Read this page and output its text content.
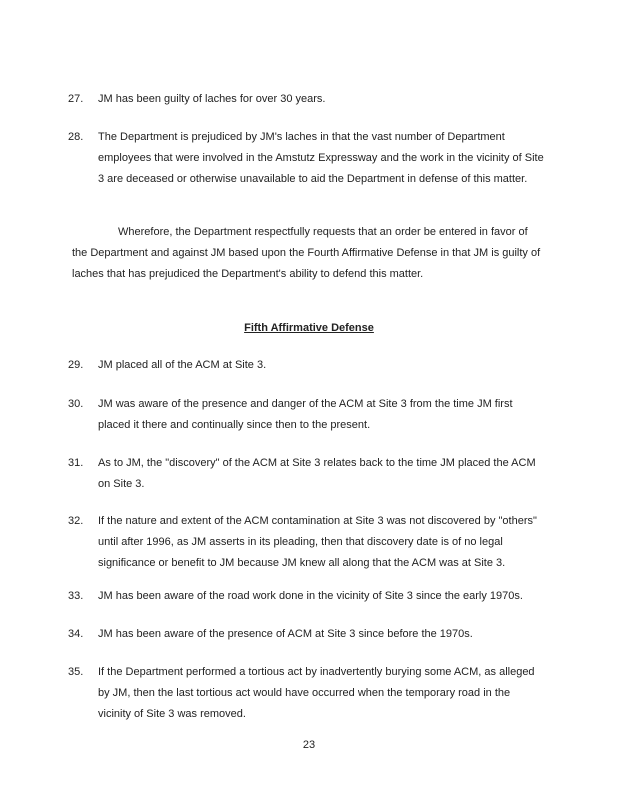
27.	JM has been guilty of laches for over 30 years.

28.	The Department is prejudiced by JM's laches in that the vast number of Department employees that were involved in the Amstutz Expressway and the work in the vicinity of Site 3 are deceased or otherwise unavailable to aid the Department in defense of this matter.

Wherefore, the Department respectfully requests that an order be entered in favor of the Department and against JM based upon the Fourth Affirmative Defense in that JM is guilty of laches that has prejudiced the Department's ability to defend this matter.

Fifth Affirmative Defense

29.	JM placed all of the ACM at Site 3.

30.	JM was aware of the presence and danger of the ACM at Site 3 from the time JM first placed it there and continually since then to the present.

31.	As to JM, the "discovery" of the ACM at Site 3 relates back to the time JM placed the ACM on Site 3.

32.	If the nature and extent of the ACM contamination at Site 3 was not discovered by "others" until after 1996, as JM asserts in its pleading, then that discovery date is of no legal significance or benefit to JM because JM knew all along that the ACM was at Site 3.

33.	JM has been aware of the road work done in the vicinity of Site 3 since the early 1970s.

34.	JM has been aware of the presence of ACM at Site 3 since before the 1970s.

35.	If the Department performed a tortious act by inadvertently burying some ACM, as alleged by JM, then the last tortious act would have occurred when the temporary road in the vicinity of Site 3 was removed.

23
